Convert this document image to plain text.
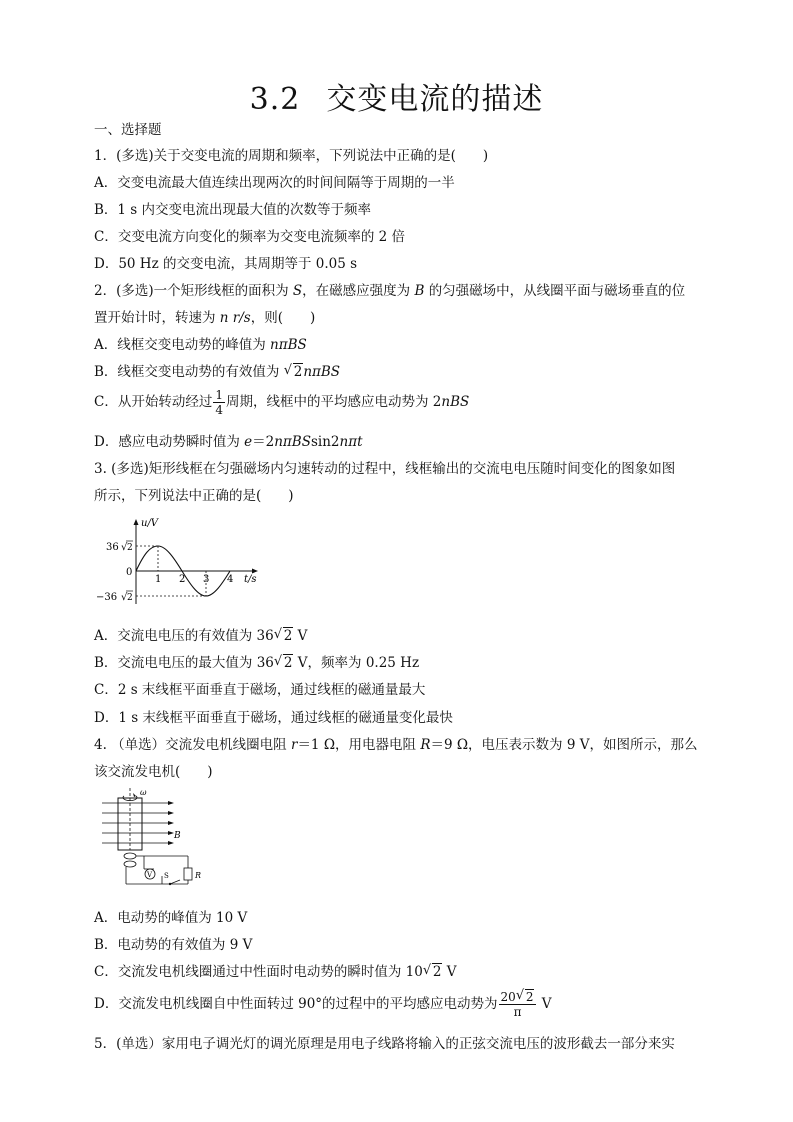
3.2 交变电流的描述
一、选择题
1．(多选)关于交变电流的周期和频率，下列说法中正确的是(　　)
A．交变电流最大值连续出现两次的时间间隔等于周期的一半
B．1 s 内交变电流出现最大值的次数等于频率
C．交变电流方向变化的频率为交变电流频率的 2 倍
D．50 Hz 的交变电流，其周期等于 0.05 s
2．(多选)一个矩形线框的面积为 S，在磁感应强度为 B 的匀强磁场中，从线圈平面与磁场垂直的位
置开始计时，转速为 n r/s，则(　　)
A．线框交变电动势的峰值为 nπBS
B．线框交变电动势的有效值为 √ 2nπBS
C．从开始转动经过 $\frac{1}{4}$ 周期，线框中的平均感应电动势为 2nBS
D．感应电动势瞬时值为 e＝2nπBSsin2nπt
3. (多选)矩形线框在匀强磁场内匀速转动的过程中，线框输出的交流电电压随时间变化的图象如图
所示，下列说法中正确的是(　　)
u/V
t/s
36 √ 2
0
−36 √ 2
1 2 3 4
A．交流电电压的有效值为 36 √ 2 V
B．交流电电压的最大值为 36 √ 2 V，频率为 0.25 Hz
C．2 s 末线框平面垂直于磁场，通过线框的磁通量最大
D．1 s 末线框平面垂直于磁场，通过线框的磁通量变化最快
4. （单选）交流发电机线圈电阻 r＝1 Ω，用电器电阻 R＝9 Ω，电压表示数为 9 V，如图所示，那么
该交流发电机(　　)
ω
B
R
V S
A．电动势的峰值为 10 V
B．电动势的有效值为 9 V
C．交流发电机线圈通过中性面时电动势的瞬时值为 10 √ 2 V
D．交流发电机线圈自中性面转过 90°的过程中的平均感应电动势为 $\frac{20 √ 2}{\pi}$ V
5．(单选）家用电子调光灯的调光原理是用电子线路将输入的正弦交流电压的波形截去一部分来实
